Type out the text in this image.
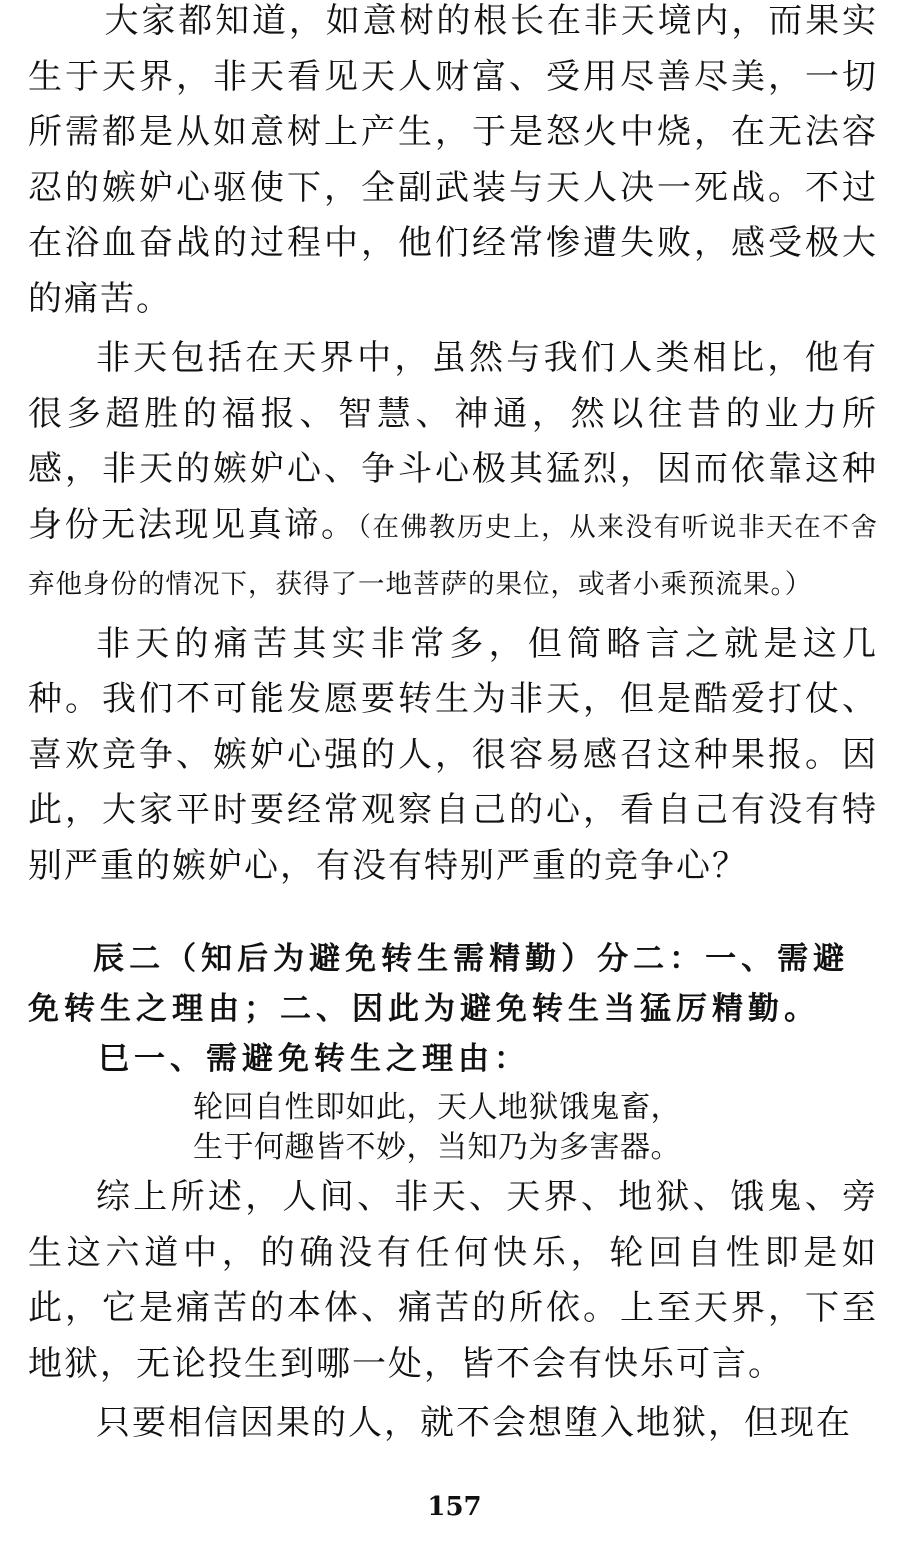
大家都知道，如意树的根长在非天境内，而果实生于天界，非天看见天人财富、受用尽善尽美，一切所需都是从如意树上产生，于是怒火中烧，在无法容忍的嫉妒心驱使下，全副武装与天人决一死战。不过在浴血奋战的过程中，他们经常惨遭失败，感受极大的痛苦。

非天包括在天界中，虽然与我们人类相比，他有很多超胜的福报、智慧、神通，然以往昔的业力所感，非天的嫉妒心、争斗心极其猛烈，因而依靠这种身份无法现见真谛。（在佛教历史上，从来没有听说非天在不舍弃他身份的情况下，获得了一地菩萨的果位，或者小乘预流果。）

非天的痛苦其实非常多，但简略言之就是这几种。我们不可能发愿要转生为非天，但是酷爱打仗、喜欢竞争、嫉妒心强的人，很容易感召这种果报。因此，大家平时要经常观察自己的心，看自己有没有特别严重的嫉妒心，有没有特别严重的竞争心？

辰二（知后为避免转生需精勤）分二：一、需避免转生之理由；二、因此为避免转生当猛厉精勤。

巳一、需避免转生之理由：

轮回自性即如此，天人地狱饿鬼畜，

生于何趣皆不妙，当知乃为多害器。

综上所述，人间、非天、天界、地狱、饿鬼、旁生这六道中，的确没有任何快乐，轮回自性即是如此，它是痛苦的本体、痛苦的所依。上至天界，下至地狱，无论投生到哪一处，皆不会有快乐可言。

只要相信因果的人，就不会想堕入地狱，但现在

157
